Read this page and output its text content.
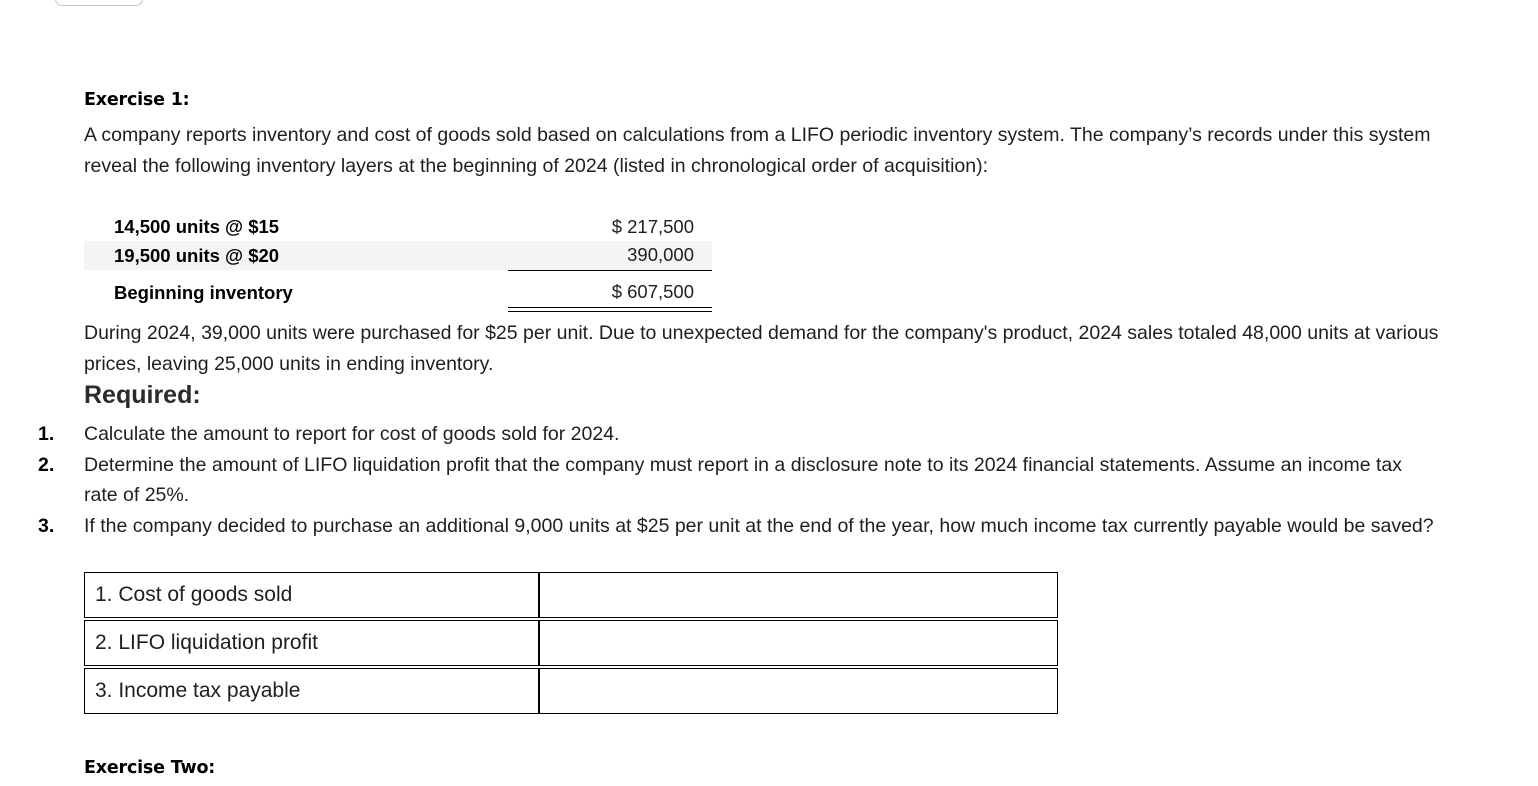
Exercise 1:
A company reports inventory and cost of goods sold based on calculations from a LIFO periodic inventory system. The company’s records under this system reveal the following inventory layers at the beginning of 2024 (listed in chronological order of acquisition):
14,500 units @ $15	$ 217,500
19,500 units @ $20	390,000

Beginning inventory	$ 607,500
During 2024, 39,000 units were purchased for $25 per unit. Due to unexpected demand for the company's product, 2024 sales totaled 48,000 units at various prices, leaving 25,000 units in ending inventory.
Required:
1.	Calculate the amount to report for cost of goods sold for 2024.
2.	Determine the amount of LIFO liquidation profit that the company must report in a disclosure note to its 2024 financial statements. Assume an income tax rate of 25%.
3.	If the company decided to purchase an additional 9,000 units at $25 per unit at the end of the year, how much income tax currently payable would be saved?
1. Cost of goods sold	
2. LIFO liquidation profit	
3. Income tax payable	
Exercise Two:
